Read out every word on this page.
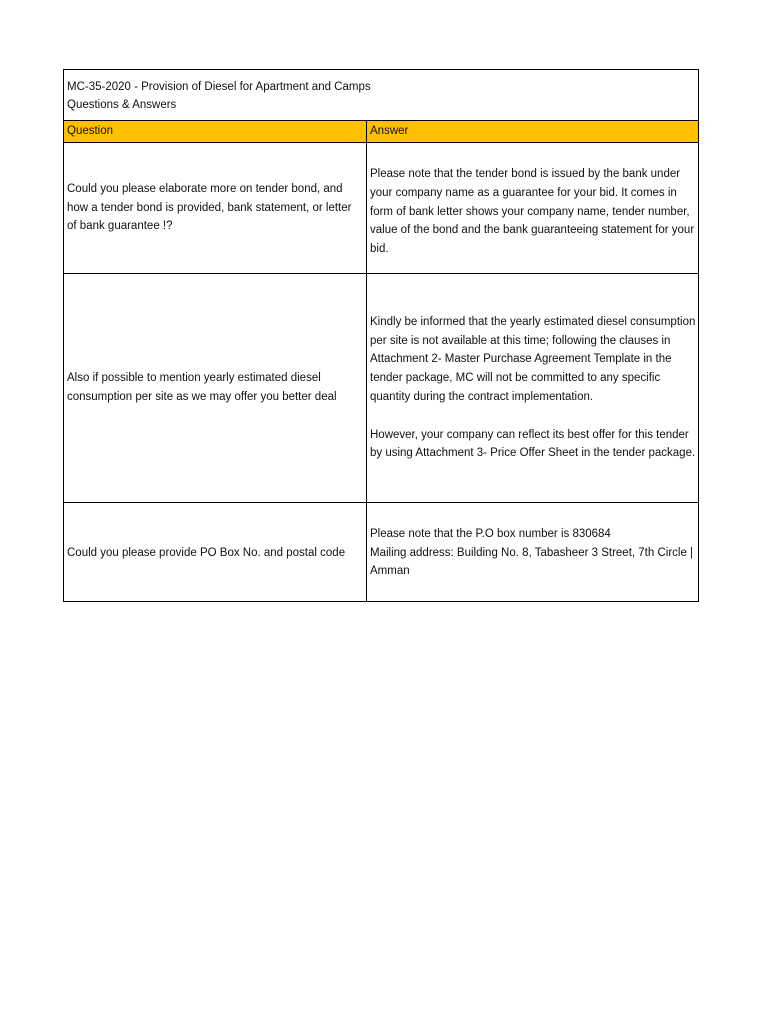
MC-35-2020 - Provision of Diesel for Apartment and Camps
Questions & Answers
Question	Answer
Could you please elaborate more on tender bond, and how a tender bond is provided, bank statement, or letter of bank guarantee !?
Please note that the tender bond is issued by the bank under your company name as a guarantee for your bid. It comes in form of bank letter shows your company name, tender number, value of the bond and the bank guaranteeing statement for your bid.
Also if possible to mention yearly estimated diesel consumption per site as we may offer you better deal
Kindly be informed that the yearly estimated diesel consumption per site is not available at this time; following the clauses in Attachment 2- Master Purchase Agreement Template in the tender package, MC will not be committed to any specific quantity during the contract implementation.
However, your company can reflect its best offer for this tender by using Attachment 3- Price Offer Sheet in the tender package.
Could you please provide PO Box No. and postal code
Please note that the P.O box number is 830684
Mailing address: Building No. 8, Tabasheer 3 Street, 7th Circle | Amman
